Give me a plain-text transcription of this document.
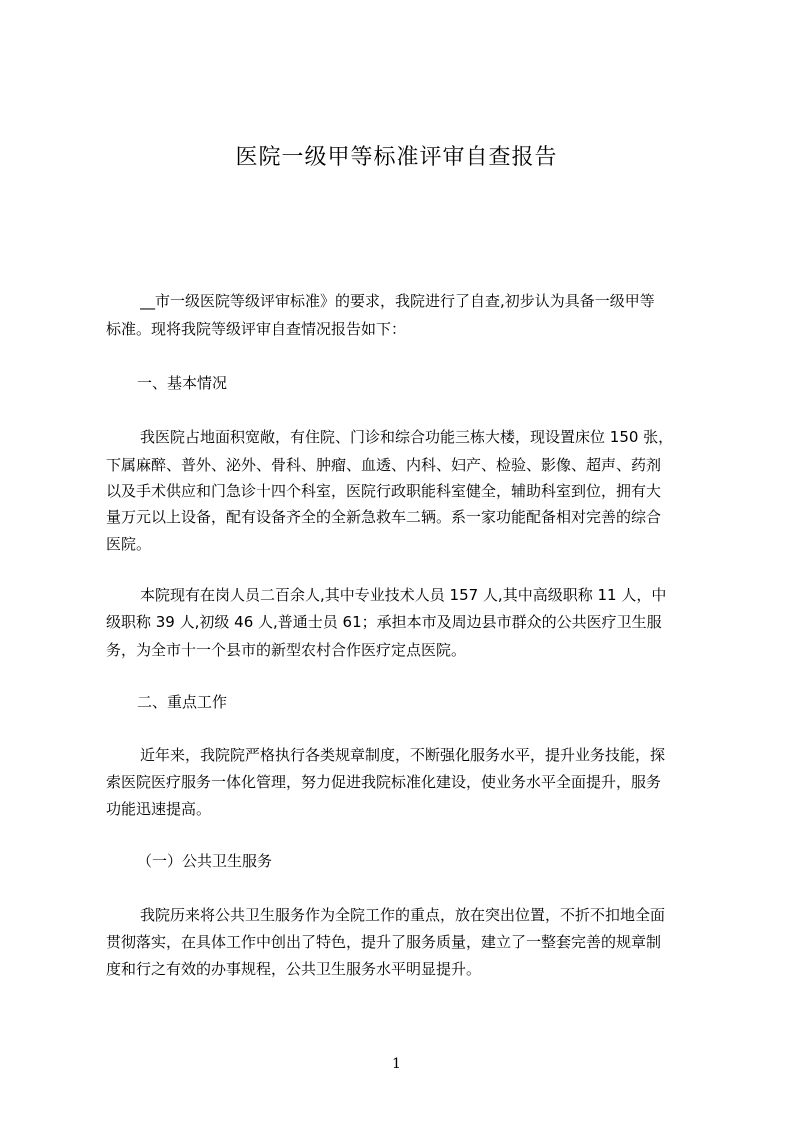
医院一级甲等标准评审自查报告
__市一级医院等级评审标准》的要求，我院进行了自查,初步认为具备一级甲等
标准。现将我院等级评审自查情况报告如下：
一、基本情况
我医院占地面积宽敞，有住院、门诊和综合功能三栋大楼，现设置床位 150 张，
下属麻醉、普外、泌外、骨科、肿瘤、血透、内科、妇产、检验、影像、超声、药剂
以及手术供应和门急诊十四个科室，医院行政职能科室健全，辅助科室到位，拥有大
量万元以上设备，配有设备齐全的全新急救车二辆。系一家功能配备相对完善的综合
医院。
本院现有在岗人员二百余人,其中专业技术人员 157 人,其中高级职称 11 人，中
级职称 39 人,初级 46 人,普通士员 61；承担本市及周边县市群众的公共医疗卫生服
务，为全市十一个县市的新型农村合作医疗定点医院。
二、重点工作
近年来，我院院严格执行各类规章制度，不断强化服务水平，提升业务技能，探
索医院医疗服务一体化管理，努力促进我院标准化建设，使业务水平全面提升，服务
功能迅速提高。
（一）公共卫生服务
我院历来将公共卫生服务作为全院工作的重点，放在突出位置，不折不扣地全面
贯彻落实，在具体工作中创出了特色，提升了服务质量，建立了一整套完善的规章制
度和行之有效的办事规程，公共卫生服务水平明显提升。
1
